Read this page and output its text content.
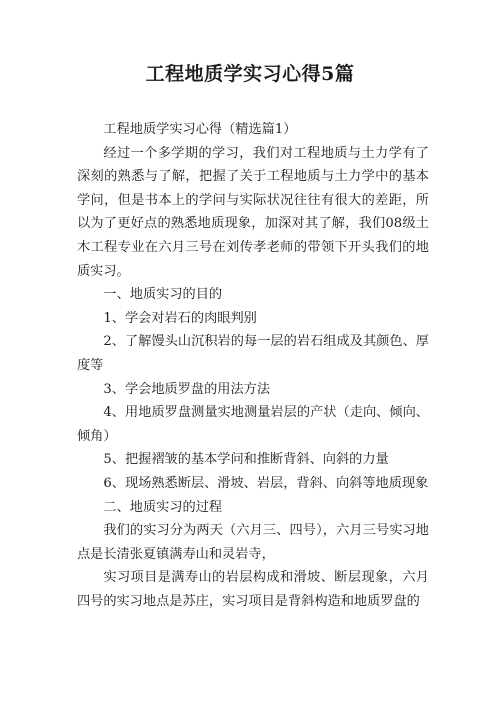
工程地质学实习心得5篇

工程地质学实习心得（精选篇1）

经过一个多学期的学习，我们对工程地质与土力学有了深刻的熟悉与了解，把握了关于工程地质与土力学中的基本学问，但是书本上的学问与实际状况往往有很大的差距，所以为了更好点的熟悉地质现象，加深对其了解，我们08级土木工程专业在六月三号在刘传孝老师的带领下开头我们的地质实习。

一、地质实习的目的

1、学会对岩石的肉眼判别

2、了解馒头山沉积岩的每一层的岩石组成及其颜色、厚度等

3、学会地质罗盘的用法方法

4、用地质罗盘测量实地测量岩层的产状（走向、倾向、倾角）

5、把握褶皱的基本学问和推断背斜、向斜的力量

6、现场熟悉断层、滑坡、岩层，背斜、向斜等地质现象

二、地质实习的过程

我们的实习分为两天（六月三、四号），六月三号实习地点是长清张夏镇满寿山和灵岩寺，

实习项目是满寿山的岩层构成和滑坡、断层现象，六月四号的实习地点是苏庄，实习项目是背斜构造和地质罗盘的
